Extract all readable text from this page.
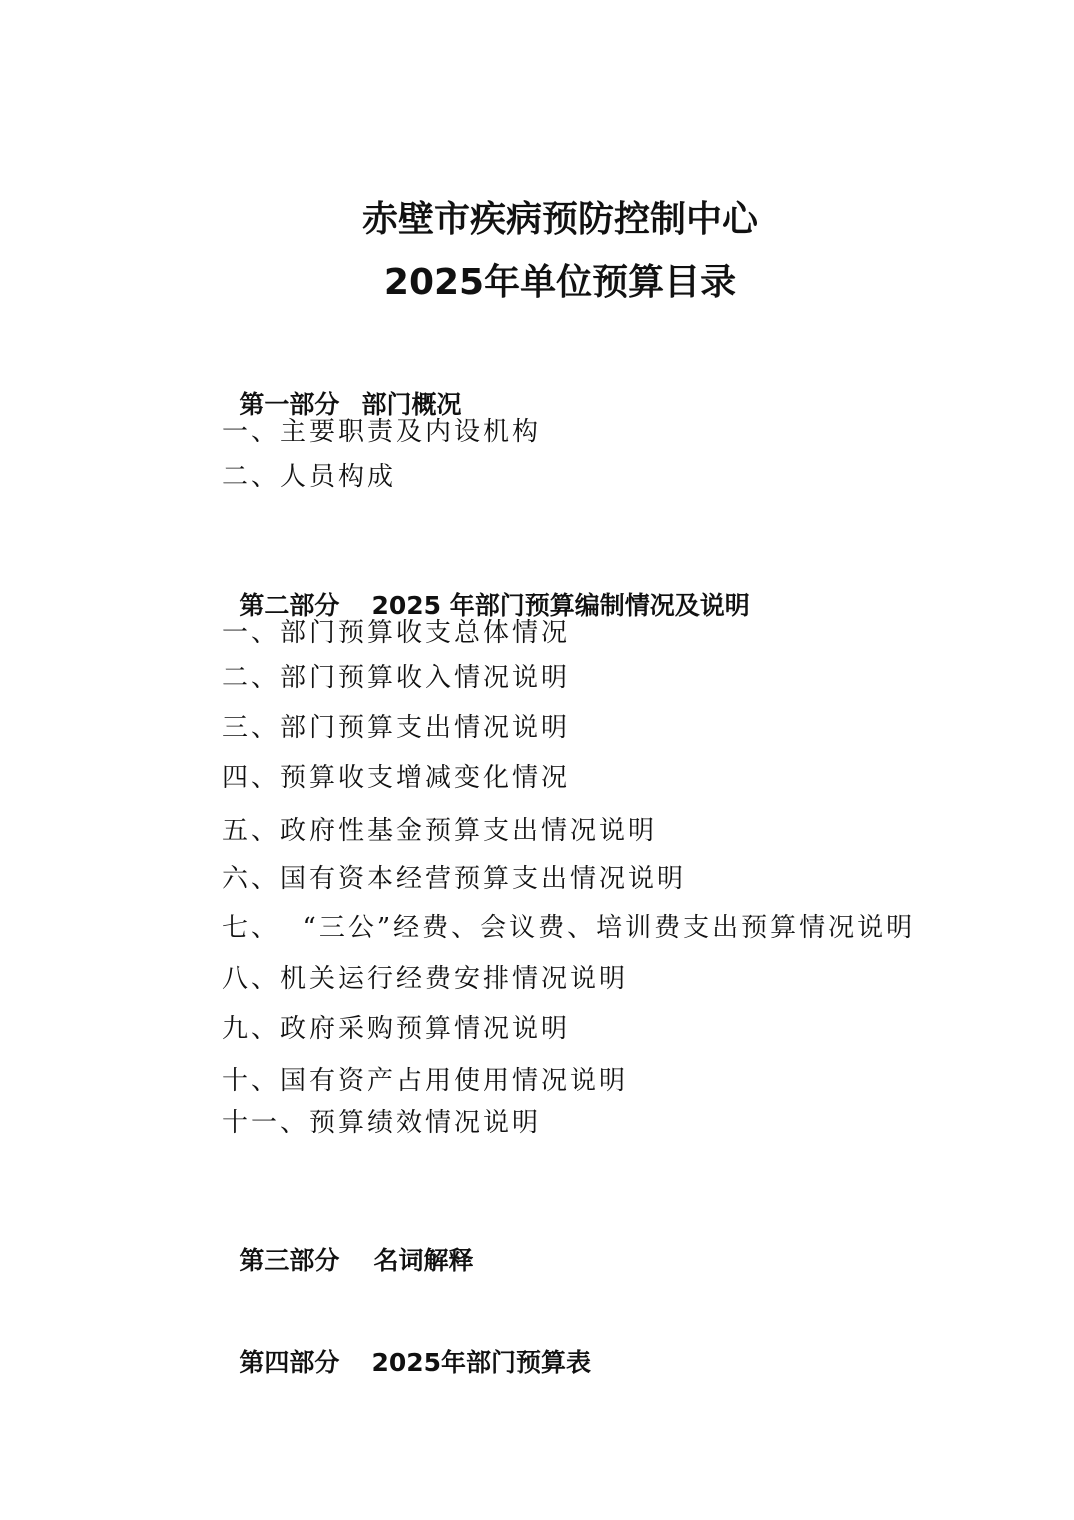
赤壁市疾病预防控制中心
2025年单位预算目录

第一部分 部门概况

一、主要职责及内设机构
二、人员构成

第二部分 2025 年部门预算编制情况及说明

一、部门预算收支总体情况
二、部门预算收入情况说明
三、部门预算支出情况说明
四、预算收支增减变化情况
五、政府性基金预算支出情况说明
六、国有资本经营预算支出情况说明
七、  “三公”经费、会议费、培训费支出预算情况说明
八、机关运行经费安排情况说明
九、政府采购预算情况说明
十、国有资产占用使用情况说明
十一、预算绩效情况说明

第三部分 名词解释

第四部分 2025年部门预算表
